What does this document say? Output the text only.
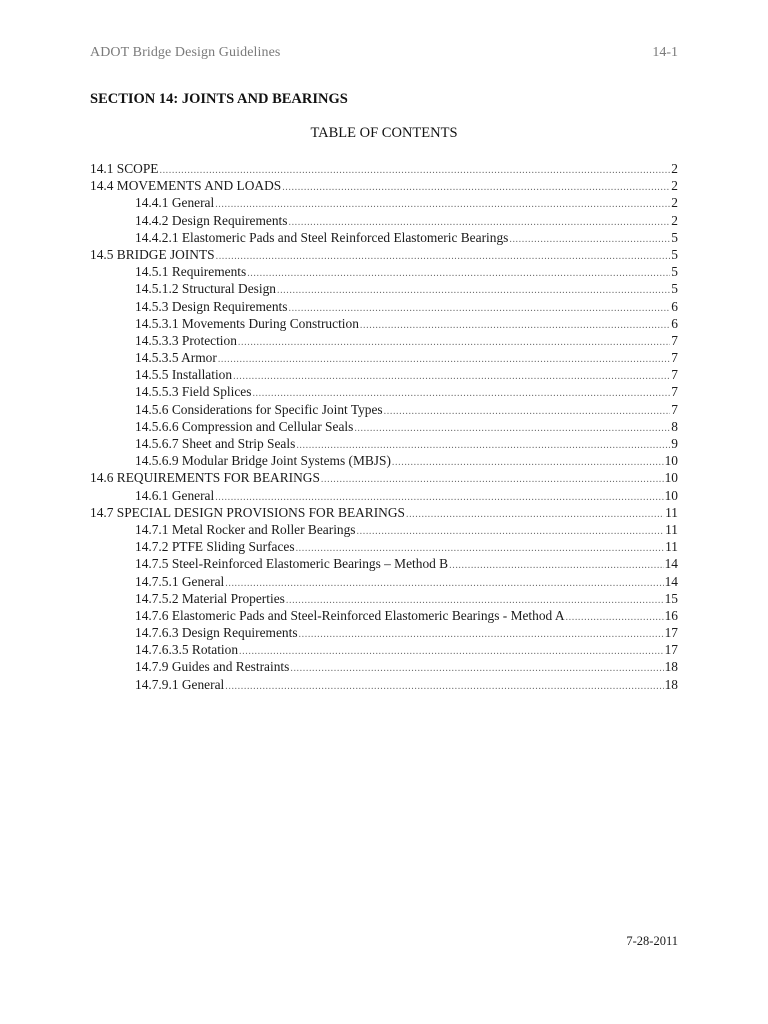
ADOT Bridge Design Guidelines	14-1
SECTION 14: JOINTS AND BEARINGS
TABLE OF CONTENTS
14.1 SCOPE .....	2
14.4 MOVEMENTS AND LOADS .....	2
14.4.1 General .....	2
14.4.2 Design Requirements .....	2
14.4.2.1 Elastomeric Pads and Steel Reinforced Elastomeric Bearings .....	5
14.5 BRIDGE JOINTS .....	5
14.5.1 Requirements .....	5
14.5.1.2 Structural Design .....	5
14.5.3 Design Requirements .....	6
14.5.3.1 Movements During Construction .....	6
14.5.3.3 Protection .....	7
14.5.3.5 Armor .....	7
14.5.5 Installation .....	7
14.5.5.3 Field Splices .....	7
14.5.6 Considerations for Specific Joint Types .....	7
14.5.6.6 Compression and Cellular Seals .....	8
14.5.6.7 Sheet and Strip Seals .....	9
14.5.6.9 Modular Bridge Joint Systems (MBJS) .....	10
14.6 REQUIREMENTS FOR BEARINGS .....	10
14.6.1 General .....	10
14.7 SPECIAL DESIGN PROVISIONS FOR BEARINGS .....	11
14.7.1 Metal Rocker and Roller Bearings .....	11
14.7.2 PTFE Sliding Surfaces .....	11
14.7.5 Steel-Reinforced Elastomeric Bearings – Method B .....	14
14.7.5.1 General .....	14
14.7.5.2 Material Properties .....	15
14.7.6 Elastomeric Pads and Steel-Reinforced Elastomeric Bearings - Method A .....	16
14.7.6.3 Design Requirements .....	17
14.7.6.3.5 Rotation .....	17
14.7.9 Guides and Restraints .....	18
14.7.9.1 General .....	18
7-28-2011
